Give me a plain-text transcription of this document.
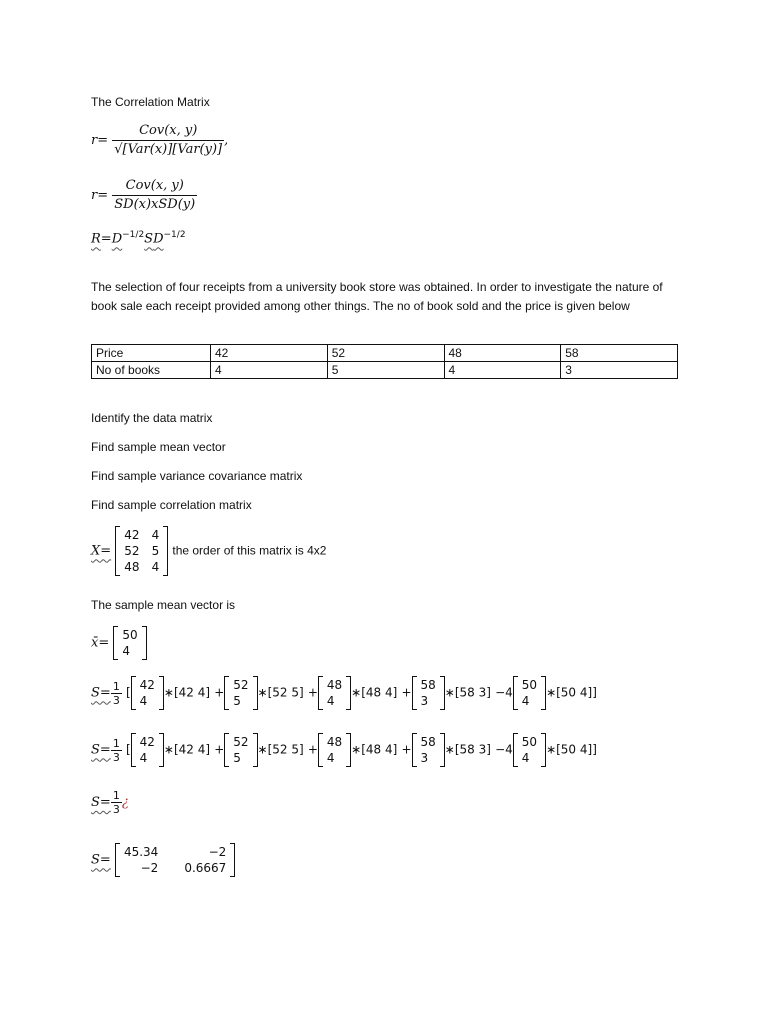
The Correlation Matrix
$r= \frac{\text{Cov(x, y)}}{\text{√[Var(x)][Var(y)]}}$ ,
$r= \frac{\text{Cov(x, y)}}{\text{SD(x)xSD(y)}}$
$R=D^{-1/2}SD^{-1/2}$
The selection of four receipts from a university book store was obtained. In order to investigate the nature of book sale each receipt provided among other things. The no of book sold and the price is given below
Price	42	52	48	58
No of books	4	5	4	3
Identify the data matrix
Find sample mean vector
Find sample variance covariance matrix
Find sample correlation matrix
X=
42 4
52 5
48 4
the order of this matrix is 4x2
The sample mean vector is
x̄=
50
4
$S= \frac{1}{3}$ [
42
4
∗[42 4] +
52
5
∗[52 5] +
48
4
∗[48 4] +
58
3
∗[58 3] −4
50
4
∗[50 4]]
$S= \frac{1}{3}$ [
42
4
∗[42 4] +
52
5
∗[52 5] +
48
4
∗[48 4] +
58
3
∗[58 3] −4
50
4
∗[50 4]]
$S= \frac{1}{3}$ ¿
S=
45.34	−2
−2 0.6667
